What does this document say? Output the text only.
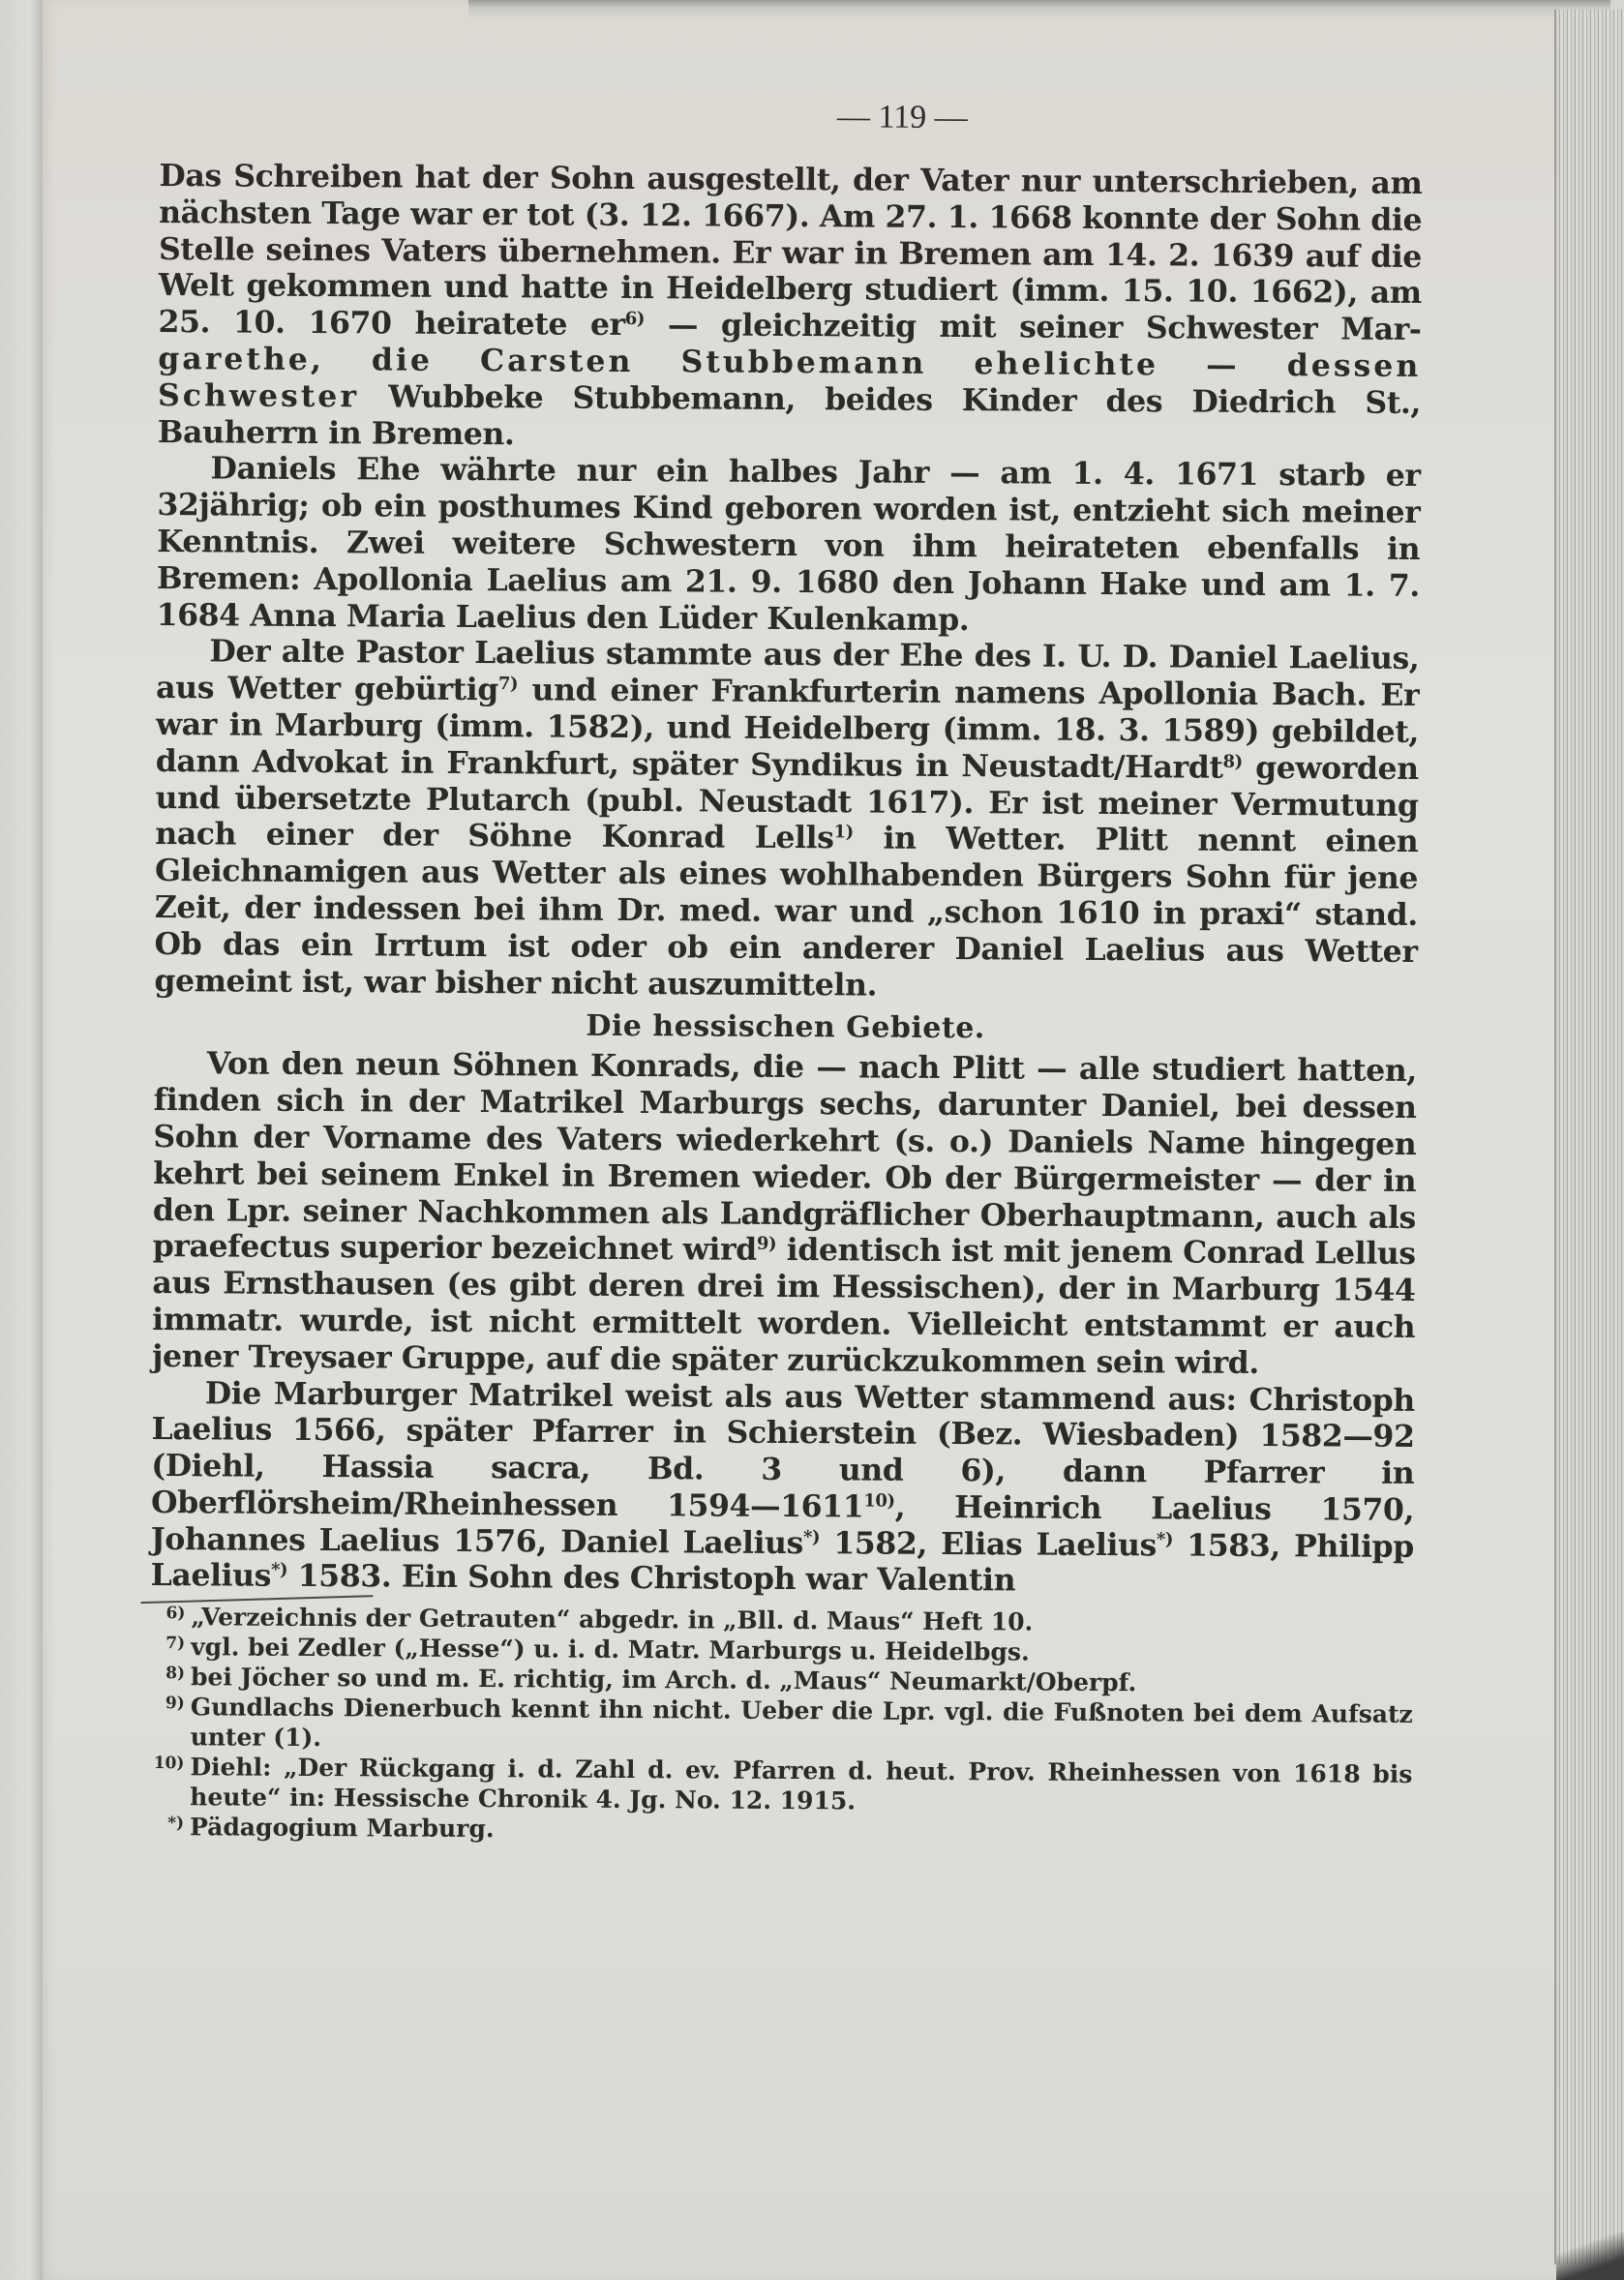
— 119 —
Das Schreiben hat der Sohn ausgestellt, der Vater nur unterschrieben, am nächsten Tage war er tot (3. 12. 1667). Am 27. 1. 1668 konnte der Sohn die Stelle seines Vaters übernehmen. Er war in Bremen am 14. 2. 1639 auf die Welt gekommen und hatte in Heidelberg studiert (imm. 15. 10. 1662), am 25. 10. 1670 heiratete $er^{6)}$ — gleichzeitig mit seiner Schwester Mar- garethe, die Carsten Stubbemann ehelichte — dessen Schwester Wubbeke Stubbemann, beides Kinder des Diedrich St., Bauherrn in Bremen.

Daniels Ehe währte nur ein halbes Jahr — am 1. 4. 1671 starb er 32jährig; ob ein posthumes Kind geboren worden ist, entzieht sich meiner Kenntnis. Zwei weitere Schwestern von ihm heirateten ebenfalls in Bremen: Apollonia Laelius am 21. 9. 1680 den Johann Hake und am 1. 7. 1684 Anna Maria Laelius den Lüder Kulenkamp.

Der alte Pastor Laelius stammte aus der Ehe des I. U. D. Daniel Laelius, aus Wetter gebürtig$^{7)}$ und einer Frankfurterin namens Apollonia Bach. Er war in Marburg (imm. 1582), und Heidelberg (imm. 18. 3. 1589) gebildet, dann Advokat in Frankfurt, später Syndikus in Neustadt/Hardt$^{8)}$ geworden und übersetzte Plutarch (publ. Neustadt 1617). Er ist meiner Vermutung nach einer der Söhne Konrad Lells$^{1)}$ in Wetter. Plitt nennt einen Gleichnamigen aus Wetter als eines wohlhabenden Bürgers Sohn für jene Zeit, der indessen bei ihm Dr. med. war und „schon 1610 in praxi“ stand. Ob das ein Irrtum ist oder ob ein anderer Daniel Laelius aus Wetter gemeint ist, war bisher nicht auszumitteln.

Die hessischen Gebiete.

Von den neun Söhnen Konrads, die — nach Plitt — alle studiert hatten, finden sich in der Matrikel Marburgs sechs, darunter Daniel, bei dessen Sohn der Vorname des Vaters wiederkehrt (s. o.) Daniels Name hingegen kehrt bei seinem Enkel in Bremen wieder. Ob der Bürgermeister — der in den Lpr. seiner Nachkommen als Landgräflicher Oberhauptmann, auch als praefectus superior bezeichnet wird$^{9)}$ identisch ist mit jenem Conrad Lellus aus Ernsthausen (es gibt deren drei im Hessischen), der in Marburg 1544 immatr. wurde, ist nicht ermittelt worden. Vielleicht entstammt er auch jener Treysaer Gruppe, auf die später zurückzukommen sein wird.

Die Marburger Matrikel weist als aus Wetter stammend aus: Christoph Laelius 1566, später Pfarrer in Schierstein (Bez. Wiesbaden) 1582—92 (Diehl, Hassia sacra, Bd. 3 und 6), dann Pfarrer in Oberflörsheim/Rheinhessen 1594—1611$^{10)}$, Heinrich Laelius 1570, Johannes Laelius 1576, Daniel Laelius*) 1582, Elias Laelius*) 1583, Philipp Laelius*) 1583. Ein Sohn des Christoph war Valentin

6) „Verzeichnis der Getrauten“ abgedr. in „Bll. d. Maus“ Heft 10.
7) vgl. bei Zedler („Hesse“) u. i. d. Matr. Marburgs u. Heidelbgs.
8) bei Jöcher so und m. E. richtig, im Arch. d. „Maus“ Neumarkt/Oberpf.
9) Gundlachs Dienerbuch kennt ihn nicht. Ueber die Lpr. vgl. die Fußnoten bei dem Aufsatz unter (1).
10) Diehl: „Der Rückgang i. d. Zahl d. ev. Pfarren d. heut. Prov. Rheinhessen von 1618 bis heute“ in: Hessische Chronik 4. Jg. No. 12. 1915.
*) Pädagogium Marburg.
